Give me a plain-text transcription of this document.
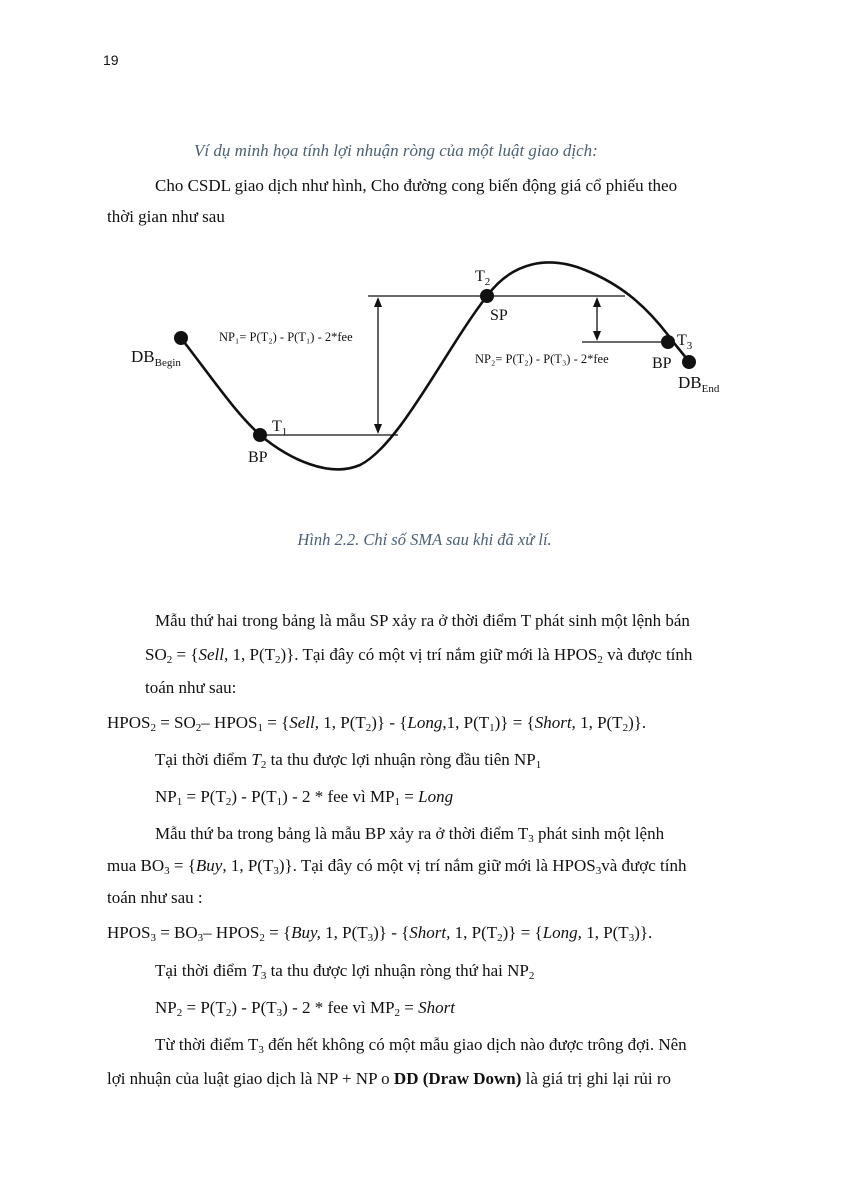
19
Ví dụ minh họa tính lợi nhuận ròng của một luật giao dịch:
Cho CSDL giao dịch như hình, Cho đường cong biến động giá cổ phiếu theo
thời gian như sau
$DB_{Begin}$
$T_1$
BP
$T_2$
SP
$T_3$
BP
$DB_{End}$
NP₁= P(T₂) - P(T₁) - 2*fee
NP₂= P(T₂) - P(T₃) - 2*fee
Hình 2.2. Chỉ số SMA sau khi đã xử lí.
Mẫu thứ hai trong bảng là mẫu SP xảy ra ở thời điểm T phát sinh một lệnh bán
$SO_2$ = {Sell, 1, $P(T_2)$}. Tại đây có một vị trí nắm giữ mới là $HPOS_2$ và được tính
toán như sau:
$HPOS_2 = SO_2-$ $HPOS_1$ = {Sell, 1, $P(T_2)$} - {Long,1, $P(T_1)$} = {Short, 1, $P(T_2)$}.
Tại thời điểm $T_2$ ta thu được lợi nhuận ròng đầu tiên $NP_1$
$NP_1 = P(T_2) - P(T_1) - 2$ * fee vì $MP_1$ = Long
Mẫu thứ ba trong bảng là mẫu BP xảy ra ở thời điểm $T_3$ phát sinh một lệnh
mua $BO_3 = \{Buy$, 1, $P(T_3)$}. Tại đây có một vị trí nắm giữ mới là $HPOS_3và$ được tính
toán như sau :
$HPOS_3 = BO_3-$ $HPOS_2 = \{Buy$, 1, $P(T_3)$} - {Short, 1, $P(T_2)$} = {Long, 1, $P(T_3)$}.
Tại thời điểm $T_3$ ta thu được lợi nhuận ròng thứ hai $NP_2$
$NP_2 = P(T_2) - P(T_3) - 2$ * fee vì $MP_2$ = Short
Từ thời điểm $T_3$ đến hết không có một mẫu giao dịch nào được trông đợi. Nên
lợi nhuận của luật giao dịch là NP + NP o DD (Draw Down) là giá trị ghi lại rủi ro
